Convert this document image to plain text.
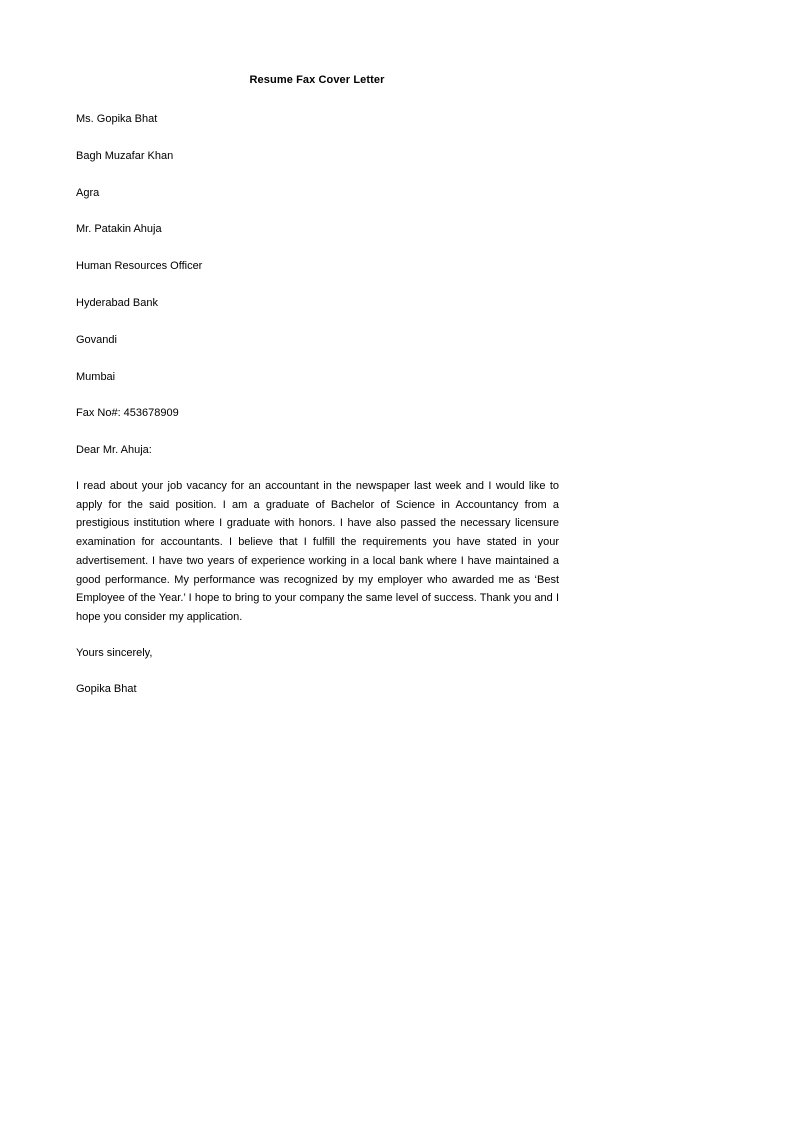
Resume Fax Cover Letter
Ms. Gopika Bhat
Bagh Muzafar Khan
Agra
Mr. Patakin Ahuja
Human Resources Officer
Hyderabad Bank
Govandi
Mumbai
Fax No#: 453678909
Dear Mr. Ahuja:

I read about your job vacancy for an accountant in the newspaper last week and I would like to apply for the said position. I am a graduate of Bachelor of Science in Accountancy from a prestigious institution where I graduate with honors. I have also passed the necessary licensure examination for accountants. I believe that I fulfill the requirements you have stated in your advertisement. I have two years of experience working in a local bank where I have maintained a good performance. My performance was recognized by my employer who awarded me as ‘Best Employee of the Year.’ I hope to bring to your company the same level of success. Thank you and I hope you consider my application.

Yours sincerely,
Gopika Bhat
